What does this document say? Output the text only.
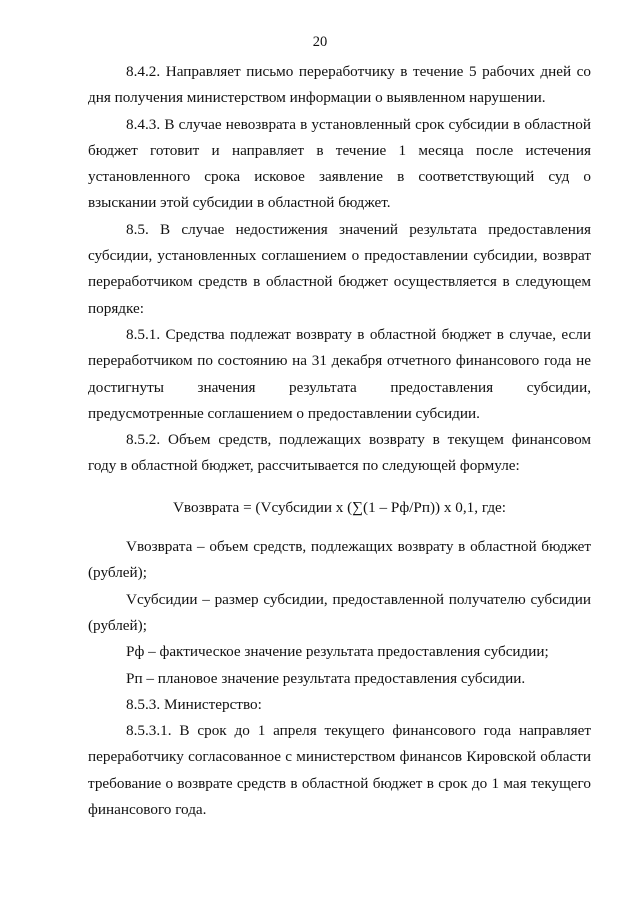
20

8.4.2. Направляет письмо переработчику в течение 5 рабочих дней со дня получения министерством информации о выявленном нарушении.

8.4.3. В случае невозврата в установленный срок субсидии в областной бюджет готовит и направляет в течение 1 месяца после истечения установленного срока исковое заявление в соответствующий суд о взыскании этой субсидии в областной бюджет.

8.5. В случае недостижения значений результата предоставления субсидии, установленных соглашением о предоставлении субсидии, возврат переработчиком средств в областной бюджет осуществляется в следующем порядке:

8.5.1. Средства подлежат возврату в областной бюджет в случае, если переработчиком по состоянию на 31 декабря отчетного финансового года не достигнуты значения результата предоставления субсидии, предусмотренные соглашением о предоставлении субсидии.

8.5.2. Объем средств, подлежащих возврату в текущем финансовом году в областной бюджет, рассчитывается по следующей формуле:

Vвозврата = (Vсубсидии x (∑(1 – Pф/Pп)) x 0,1, где:

Vвозврата – объем средств, подлежащих возврату в областной бюджет (рублей);

Vсубсидии – размер субсидии, предоставленной получателю субсидии (рублей);

Pф – фактическое значение результата предоставления субсидии;

Pп – плановое значение результата предоставления субсидии.

8.5.3. Министерство:

8.5.3.1. В срок до 1 апреля текущего финансового года направляет переработчику согласованное с министерством финансов Кировской области требование о возврате средств в областной бюджет в срок до 1 мая текущего финансового года.
